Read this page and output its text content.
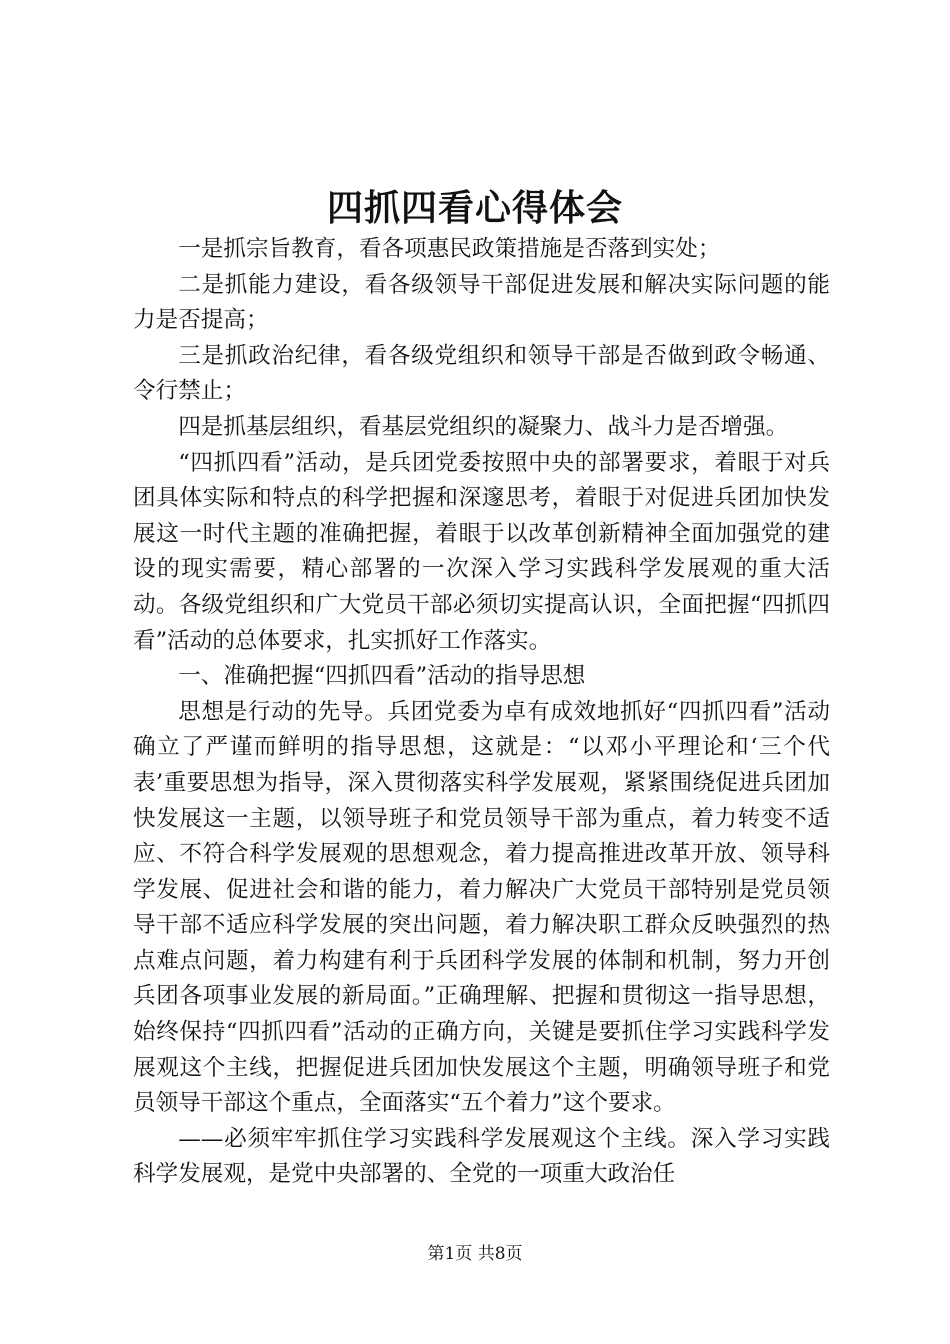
四抓四看心得体会

一是抓宗旨教育，看各项惠民政策措施是否落到实处；

二是抓能力建设，看各级领导干部促进发展和解决实际问题的能力是否提高；

三是抓政治纪律，看各级党组织和领导干部是否做到政令畅通、令行禁止；

四是抓基层组织，看基层党组织的凝聚力、战斗力是否增强。

“四抓四看”活动，是兵团党委按照中央的部署要求，着眼于对兵团具体实际和特点的科学把握和深邃思考，着眼于对促进兵团加快发展这一时代主题的准确把握，着眼于以改革创新精神全面加强党的建设的现实需要，精心部署的一次深入学习实践科学发展观的重大活动。各级党组织和广大党员干部必须切实提高认识，全面把握“四抓四看”活动的总体要求，扎实抓好工作落实。

一、准确把握“四抓四看”活动的指导思想

思想是行动的先导。兵团党委为卓有成效地抓好“四抓四看”活动确立了严谨而鲜明的指导思想，这就是：“以邓小平理论和‘三个代表’重要思想为指导，深入贯彻落实科学发展观，紧紧围绕促进兵团加快发展这一主题，以领导班子和党员领导干部为重点，着力转变不适应、不符合科学发展观的思想观念，着力提高推进改革开放、领导科学发展、促进社会和谐的能力，着力解决广大党员干部特别是党员领导干部不适应科学发展的突出问题，着力解决职工群众反映强烈的热点难点问题，着力构建有利于兵团科学发展的体制和机制，努力开创兵团各项事业发展的新局面。”正确理解、把握和贯彻这一指导思想，始终保持“四抓四看”活动的正确方向，关键是要抓住学习实践科学发展观这个主线，把握促进兵团加快发展这个主题，明确领导班子和党员领导干部这个重点，全面落实“五个着力”这个要求。

——必须牢牢抓住学习实践科学发展观这个主线。深入学习实践科学发展观，是党中央部署的、全党的一项重大政治任

第1页 共8页
